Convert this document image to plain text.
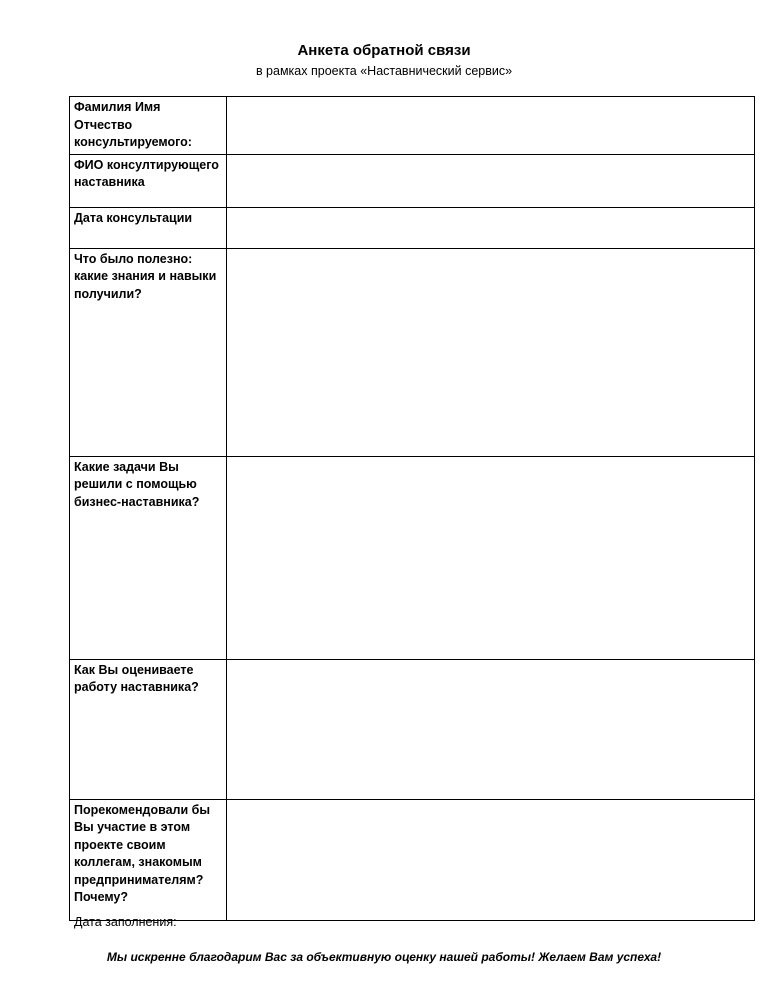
Анкета обратной связи
в рамках проекта «Наставнический сервис»
Фамилия Имя Отчество консультируемого:	
ФИО консултирующего наставника	
Дата консультации	
Что было полезно: какие знания и навыки получили?	
Какие задачи Вы решили с помощью бизнес-наставника?	
Как Вы оцениваете работу наставника?	
Порекомендовали бы Вы участие в этом проекте своим коллегам, знакомым предпринимателям? Почему?	
Дата заполнения:
Мы искренне благодарим Вас за объективную оценку нашей работы! Желаем Вам успеха!
